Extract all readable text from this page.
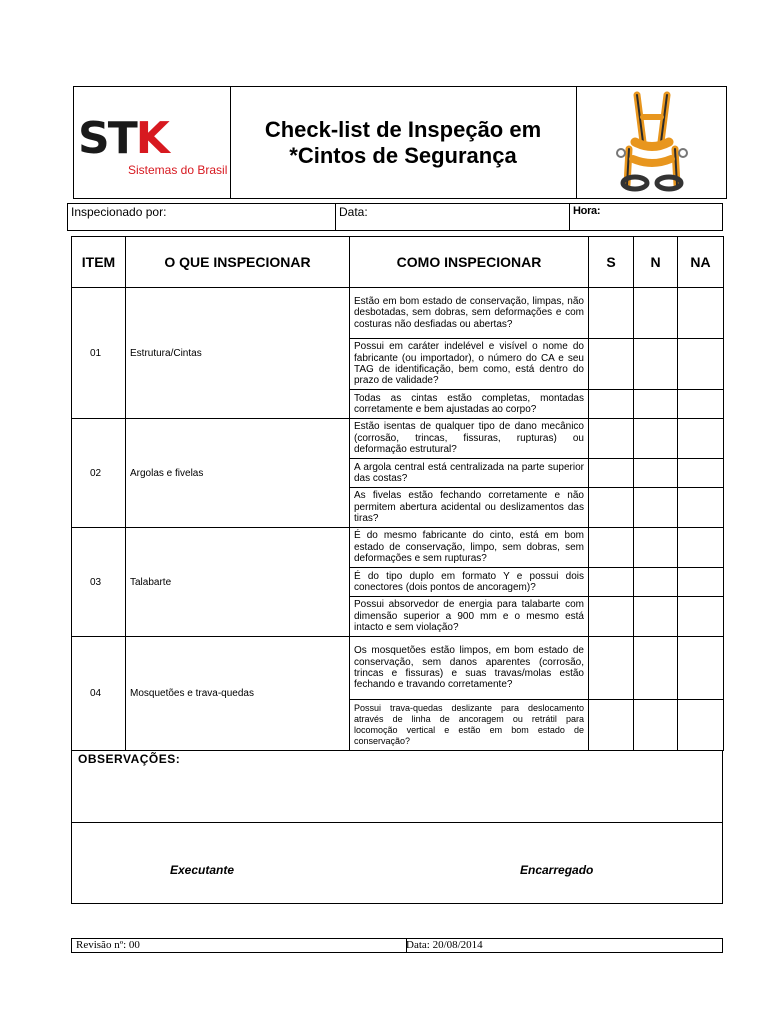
STK
Sistemas do Brasil
Check-list de Inspeção em
*Cintos de Segurança
Inspecionado por:	Data:	Hora:
ITEM	O QUE INSPECIONAR	COMO INSPECIONAR	S	N	NA
01	Estrutura/Cintas	Estão em bom estado de conservação, limpas, não desbotadas, sem dobras, sem deformações e com costuras não desfiadas ou abertas?			
		Possui em caráter indelével e visível o nome do fabricante (ou importador), o número do CA e seu TAG de identificação, bem como, está dentro do prazo de validade?			
		Todas as cintas estão completas, montadas corretamente e bem ajustadas ao corpo?			
02	Argolas e fivelas	Estão isentas de qualquer tipo de dano mecânico (corrosão, trincas, fissuras, rupturas) ou deformação estrutural?			
		A argola central está centralizada na parte superior das costas?			
		As fivelas estão fechando corretamente e não permitem abertura acidental ou deslizamentos das tiras?			
03	Talabarte	É do mesmo fabricante do cinto, está em bom estado de conservação, limpo, sem dobras, sem deformações e sem rupturas?			
		É do tipo duplo em formato Y e possui dois conectores (dois pontos de ancoragem)?			
		Possui absorvedor de energia para talabarte com dimensão superior a 900 mm e o mesmo está intacto e sem violação?			
04	Mosquetões e trava-quedas	Os mosquetões estão limpos, em bom estado de conservação, sem danos aparentes (corrosão, trincas e fissuras) e suas travas/molas estão fechando e travando corretamente?			
		Possui trava-quedas deslizante para deslocamento através de linha de ancoragem ou retrátil para locomoção vertical e estão em bom estado de conservação?			
OBSERVAÇÕES:
Executante	Encarregado
Revisão nº: 00	Data: 20/08/2014
